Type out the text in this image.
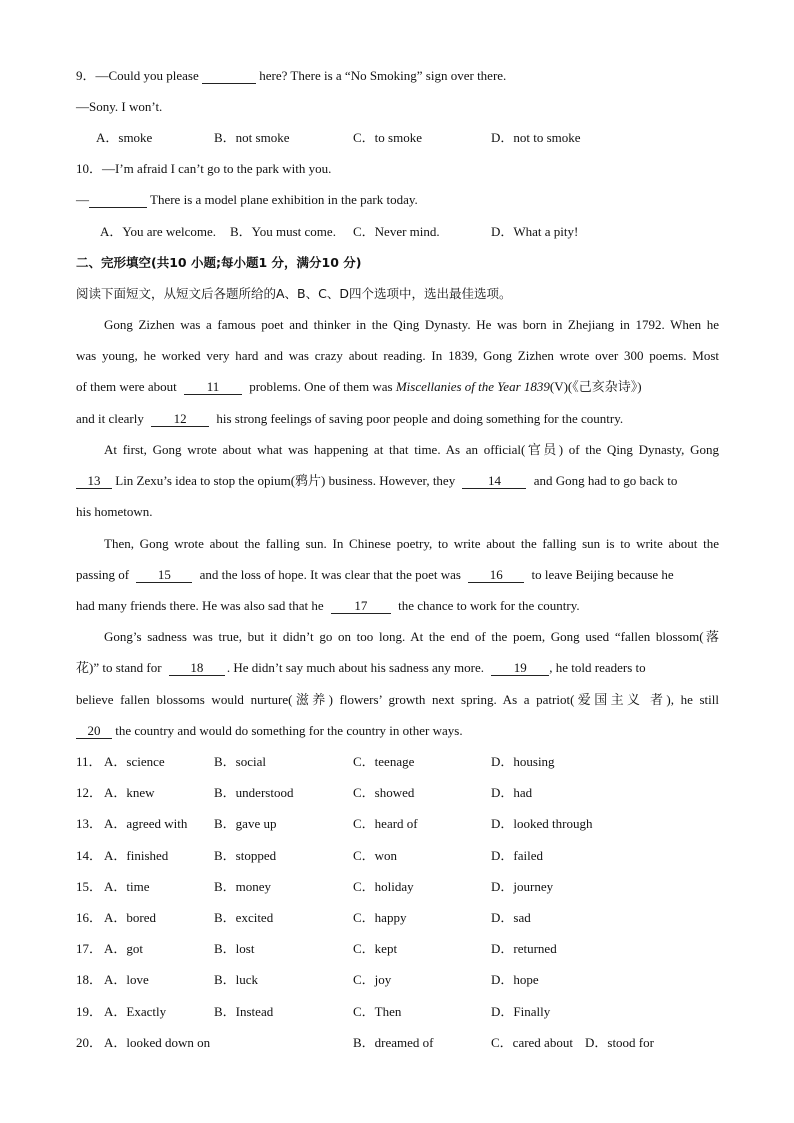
9．—Could you please	here? There is a “No Smoking” sign over there.
—Sony. I won’t.
A．smoke	B．not smoke	C．to smoke	D．not to smoke
10．—I’m afraid I can’t go to the park with you.
—	There is a model plane exhibition in the park today.
A．You are welcome. B．You must come. C．Never mind.	D．What a pity!
二、完形填空(共10 小题;每小题1 分，满分10 分)
阅读下面短文，从短文后各题所给的A、B、C、D四个选项中，选出最佳选项。
Gong Zizhen was a famous poet and thinker in the Qing Dynasty. He was born in Zhejiang in 1792. When he
was young, he worked very hard and was crazy about reading. In 1839, Gong Zizhen wrote over 300 poems. Most
of them were about 11 problems. One of them was Miscellanies of the Year 1839(V)(《己亥杂诗》)
and it clearly 12 his strong feelings of saving poor people and doing something for the country.
At first, Gong wrote about what was happening at that time. As an official(官员) of the Qing Dynasty, Gong
13 Lin Zexu’s idea to stop the opium(鸦片) business. However, they	14	and Gong had to go back to
his hometown.
Then, Gong wrote about the falling sun. In Chinese poetry, to write about the falling sun is to write about the
passing of 15 and the loss of hope. It was clear that the poet was 16 to leave Beijing because he
had many friends there. He was also sad that he 17 the chance to work for the country.
Gong’s sadness was true, but it didn’t go on too long. At the end of the poem, Gong used “fallen blossom(落
花)” to stand for 18 . He didn’t say much about his sadness any more. 19 , he told readers to
believe fallen blossoms would nurture(滋养) flowers’ growth next spring. As a patriot(爱国主义 者), he still
20 the country and would do something for the country in other ways.
11． A．science	B．social	C．teenage	D．housing
12． A．knew	B．understood	C．showed	D．had
13． A．agreed with B．gave up	C．heard of	D．looked through
14． A．finished	B．stopped	C．won	D．failed
15． A．time	B．money	C．holiday	D．journey
16． A．bored	B．excited	C．happy	D．sad
17． A．got	B．lost	C．kept	D．returned
18． A．love	B．luck	C．joy	D．hope
19． A．Exactly	B．Instead	C．Then	D．Finally
20． A．looked down on	B．dreamed of	C．cared about D．stood for
